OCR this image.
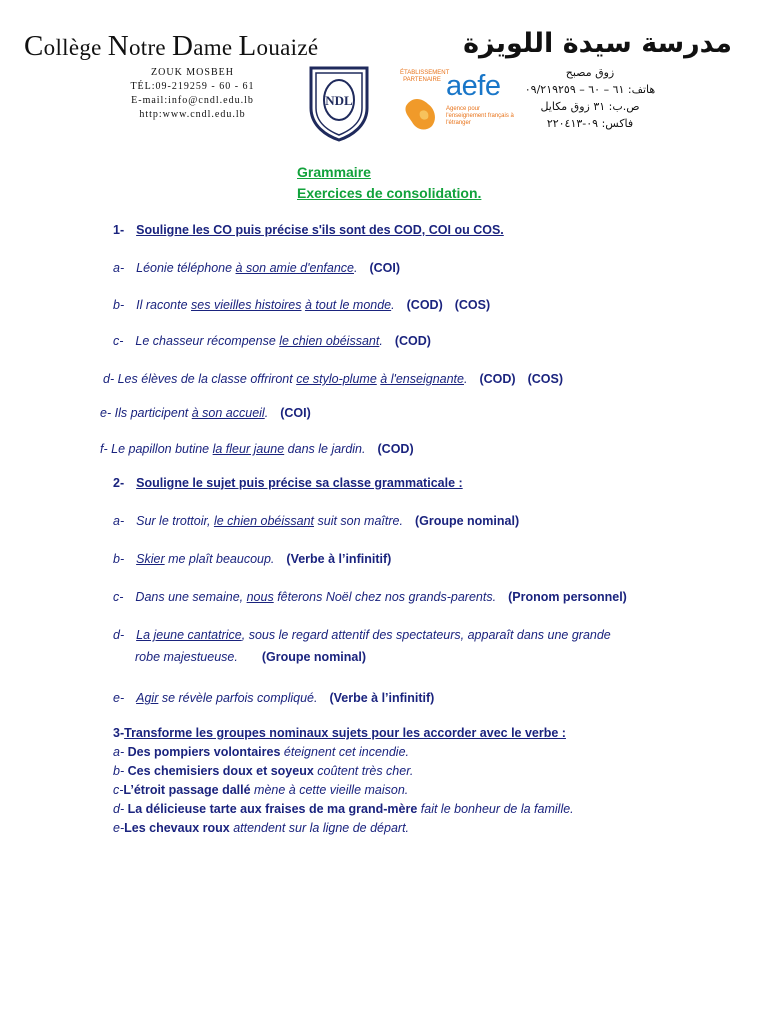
Collège Notre Dame Louaizé
ZOUK MOSBEH
TÉL:09-219259 - 60 - 61
E-mail:info@cndl.edu.lb
http:www.cndl.edu.lb
NDL
ÉTABLISSEMENT PARTENAIRE aefe
Agence pour l'enseignement français à l'étranger
مدرسة سيدة اللويزة
زوق مصبح
هاتف: ٦١ – ٦٠ – ٠٩/٢١٩٢٥٩
ص.ب: ٣١ زوق مكايل
فاكس: ٠٩-٢٢٠٤١٣
Grammaire
Exercices de consolidation.
1- Souligne les CO puis précise s'ils sont des COD, COI ou COS.
a- Léonie téléphone à son amie d'enfance. (COI)
b- Il raconte ses vieilles histoires à tout le monde. (COD) (COS)
c- Le chasseur récompense le chien obéissant. (COD)
d- Les élèves de la classe offriront ce stylo-plume à l'enseignante. (COD) (COS)
e- Ils participent à son accueil. (COI)
f- Le papillon butine la fleur jaune dans le jardin. (COD)
2- Souligne le sujet puis précise sa classe grammaticale :
a- Sur le trottoir, le chien obéissant suit son maître. (Groupe nominal)
b- Skier me plaît beaucoup. (Verbe à l’infinitif)
c- Dans une semaine, nous fêterons Noël chez nos grands-parents. (Pronom personnel)
d- La jeune cantatrice, sous le regard attentif des spectateurs, apparaît dans une grande
robe majestueuse. (Groupe nominal)
e- Agir se révèle parfois compliqué. (Verbe à l’infinitif)
3-Transforme les groupes nominaux sujets pour les accorder avec le verbe :
a- Des pompiers volontaires éteignent cet incendie.
b- Ces chemisiers doux et soyeux coûtent très cher.
c-L’étroit passage dallé mène à cette vieille maison.
d- La délicieuse tarte aux fraises de ma grand-mère fait le bonheur de la famille.
e-Les chevaux roux attendent sur la ligne de départ.
